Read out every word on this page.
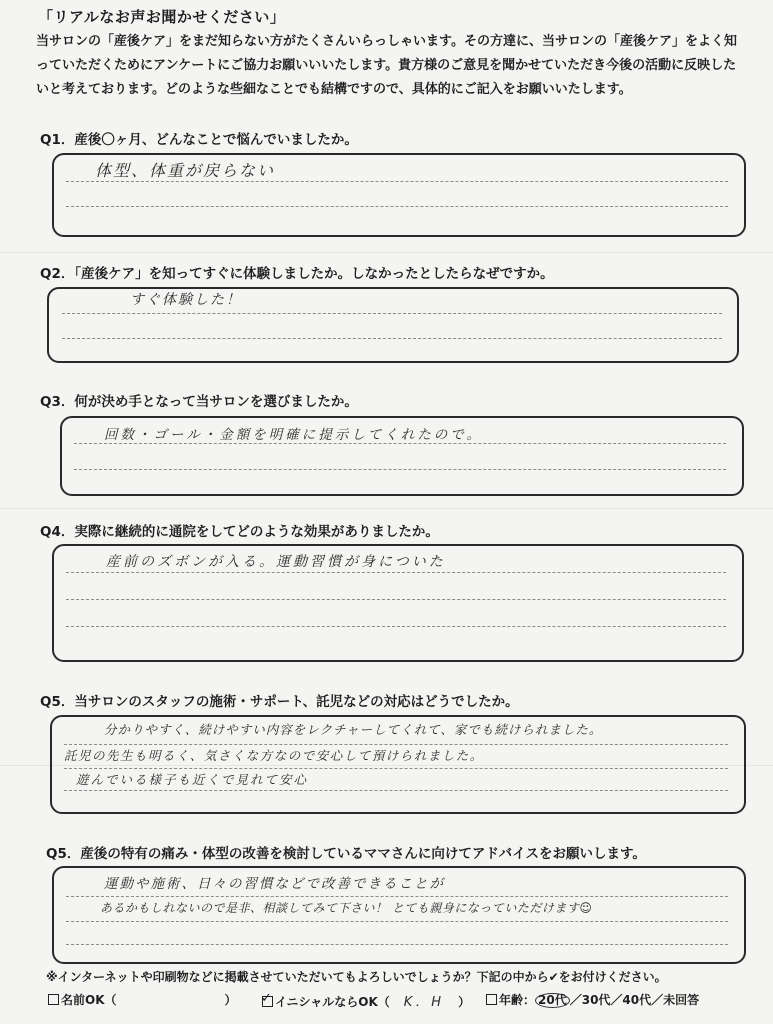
「リアルなお声お聞かせください」
当サロンの「産後ケア」をまだ知らない方がたくさんいらっしゃいます。その方達に、当サロンの「産後ケア」をよく知っていただくためにアンケートにご協力お願いいいたします。貴方様のご意見を聞かせていただき今後の活動に反映したいと考えております。どのような些細なことでも結構ですので、具体的にご記入をお願いいたします。
Q1．産後〇ヶ月、どんなことで悩んでいましたか。
体型、体重が戻らない
Q2．「産後ケア」を知ってすぐに体験しましたか。しなかったとしたらなぜですか。
すぐ体験した！
Q3．何が決め手となって当サロンを選びましたか。
回数・ゴール・金額を明確に提示してくれたので。
Q4．実際に継続的に通院をしてどのような効果がありましたか。
産前のズボンが入る。運動習慣が身についた
Q5．当サロンのスタッフの施術・サポート、託児などの対応はどうでしたか。
分かりやすく、続けやすい内容をレクチャーしてくれて、家でも続けられました。
託児の先生も明るく、気さくな方なので安心して預けられました。
遊んでいる様子も近くで見れて安心
Q5．産後の特有の痛み・体型の改善を検討しているママさんに向けてアドバイスをお願いします。
運動や施術、日々の習慣などで改善できることが
あるかもしれないので是非、相談してみて下さい！ とても親身になっていただけます☺
※インターネットや印刷物などに掲載させていただいてもよろしいでしょうか？下記の中から✔をお付けください。
名前OK（	） ✓ イニシャルならOK（ K．H ）	年齢： 20代 ／30代／40代／未回答
